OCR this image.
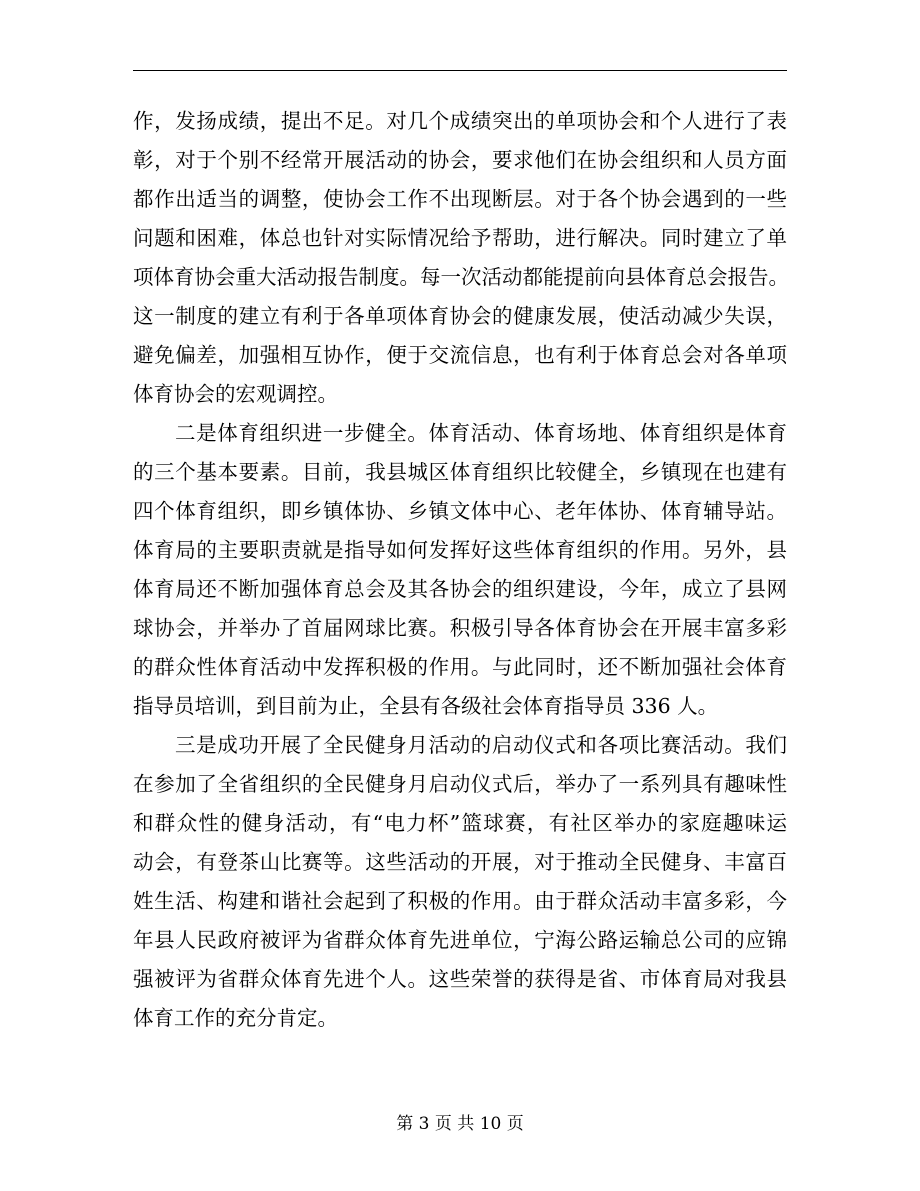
作，发扬成绩，提出不足。对几个成绩突出的单项协会和个人进行了表
彰，对于个别不经常开展活动的协会，要求他们在协会组织和人员方面
都作出适当的调整，使协会工作不出现断层。对于各个协会遇到的一些
问题和困难，体总也针对实际情况给予帮助，进行解决。同时建立了单
项体育协会重大活动报告制度。每一次活动都能提前向县体育总会报告。
这一制度的建立有利于各单项体育协会的健康发展，使活动减少失误，
避免偏差，加强相互协作，便于交流信息，也有利于体育总会对各单项
体育协会的宏观调控。
二是体育组织进一步健全。体育活动、体育场地、体育组织是体育
的三个基本要素。目前，我县城区体育组织比较健全，乡镇现在也建有
四个体育组织，即乡镇体协、乡镇文体中心、老年体协、体育辅导站。
体育局的主要职责就是指导如何发挥好这些体育组织的作用。另外，县
体育局还不断加强体育总会及其各协会的组织建设，今年，成立了县网
球协会，并举办了首届网球比赛。积极引导各体育协会在开展丰富多彩
的群众性体育活动中发挥积极的作用。与此同时，还不断加强社会体育
指导员培训，到目前为止，全县有各级社会体育指导员 336 人。
三是成功开展了全民健身月活动的启动仪式和各项比赛活动。我们
在参加了全省组织的全民健身月启动仪式后，举办了一系列具有趣味性
和群众性的健身活动，有“电力杯”篮球赛，有社区举办的家庭趣味运
动会，有登茶山比赛等。这些活动的开展，对于推动全民健身、丰富百
姓生活、构建和谐社会起到了积极的作用。由于群众活动丰富多彩，今
年县人民政府被评为省群众体育先进单位，宁海公路运输总公司的应锦
强被评为省群众体育先进个人。这些荣誉的获得是省、市体育局对我县
体育工作的充分肯定。
第 3 页 共 10 页
